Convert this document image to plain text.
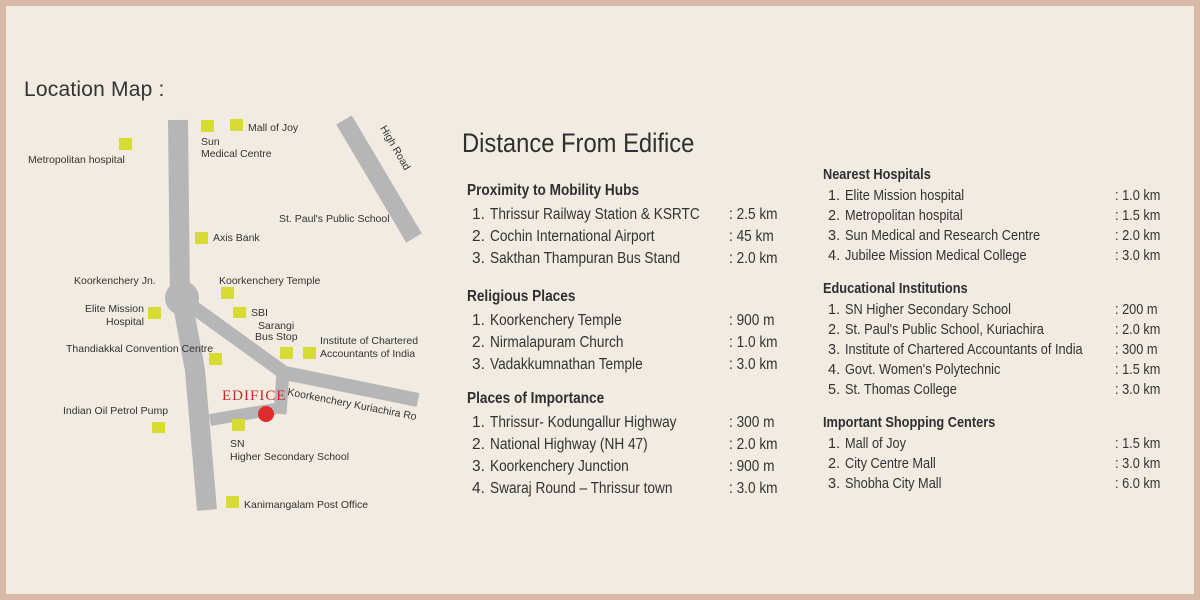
Location Map :
EDIFICE
High Road
Koorkenchery Kuriachira Ro
Mall of Joy
Sun
Medical Centre
Metropolitan hospital
St. Paul's Public School
Axis Bank
Koorkenchery Jn.	Koorkenchery Temple
Elite Mission
Hospital
SBI
Sarangi
Bus Stop Institute of Chartered
Accountants of India
Thandiakkal Convention Centre
Indian Oil Petrol Pump
SN
Higher Secondary School
Kanimangalam Post Office
Distance From Edifice
Proximity to Mobility Hubs
1. Thrissur Railway Station & KSRTC : 2.5 km
2. Cochin International Airport	: 45 km
3. Sakthan Thampuran Bus Stand	: 2.0 km
Religious Places
1. Koorkenchery Temple	: 900 m
2. Nirmalapuram Church	: 1.0 km
3. Vadakkumnathan Temple	: 3.0 km
Places of Importance
1. Thrissur- Kodungallur Highway	: 300 m
2. National Highway (NH 47)	: 2.0 km
3. Koorkenchery Junction	: 900 m
4. Swaraj Round – Thrissur town	: 3.0 km
Nearest Hospitals
1. Elite Mission hospital	: 1.0 km
2. Metropolitan hospital	: 1.5 km
3. Sun Medical and Research Centre	: 2.0 km
4. Jubilee Mission Medical College	: 3.0 km
Educational Institutions
1. SN Higher Secondary School	: 200 m
2. St. Paul's Public School, Kuriachira	: 2.0 km
3. Institute of Chartered Accountants of India : 300 m
4. Govt. Women's Polytechnic	: 1.5 km
5. St. Thomas College	: 3.0 km
Important Shopping Centers
1. Mall of Joy	: 1.5 km
2. City Centre Mall	: 3.0 km
3. Shobha City Mall	: 6.0 km
